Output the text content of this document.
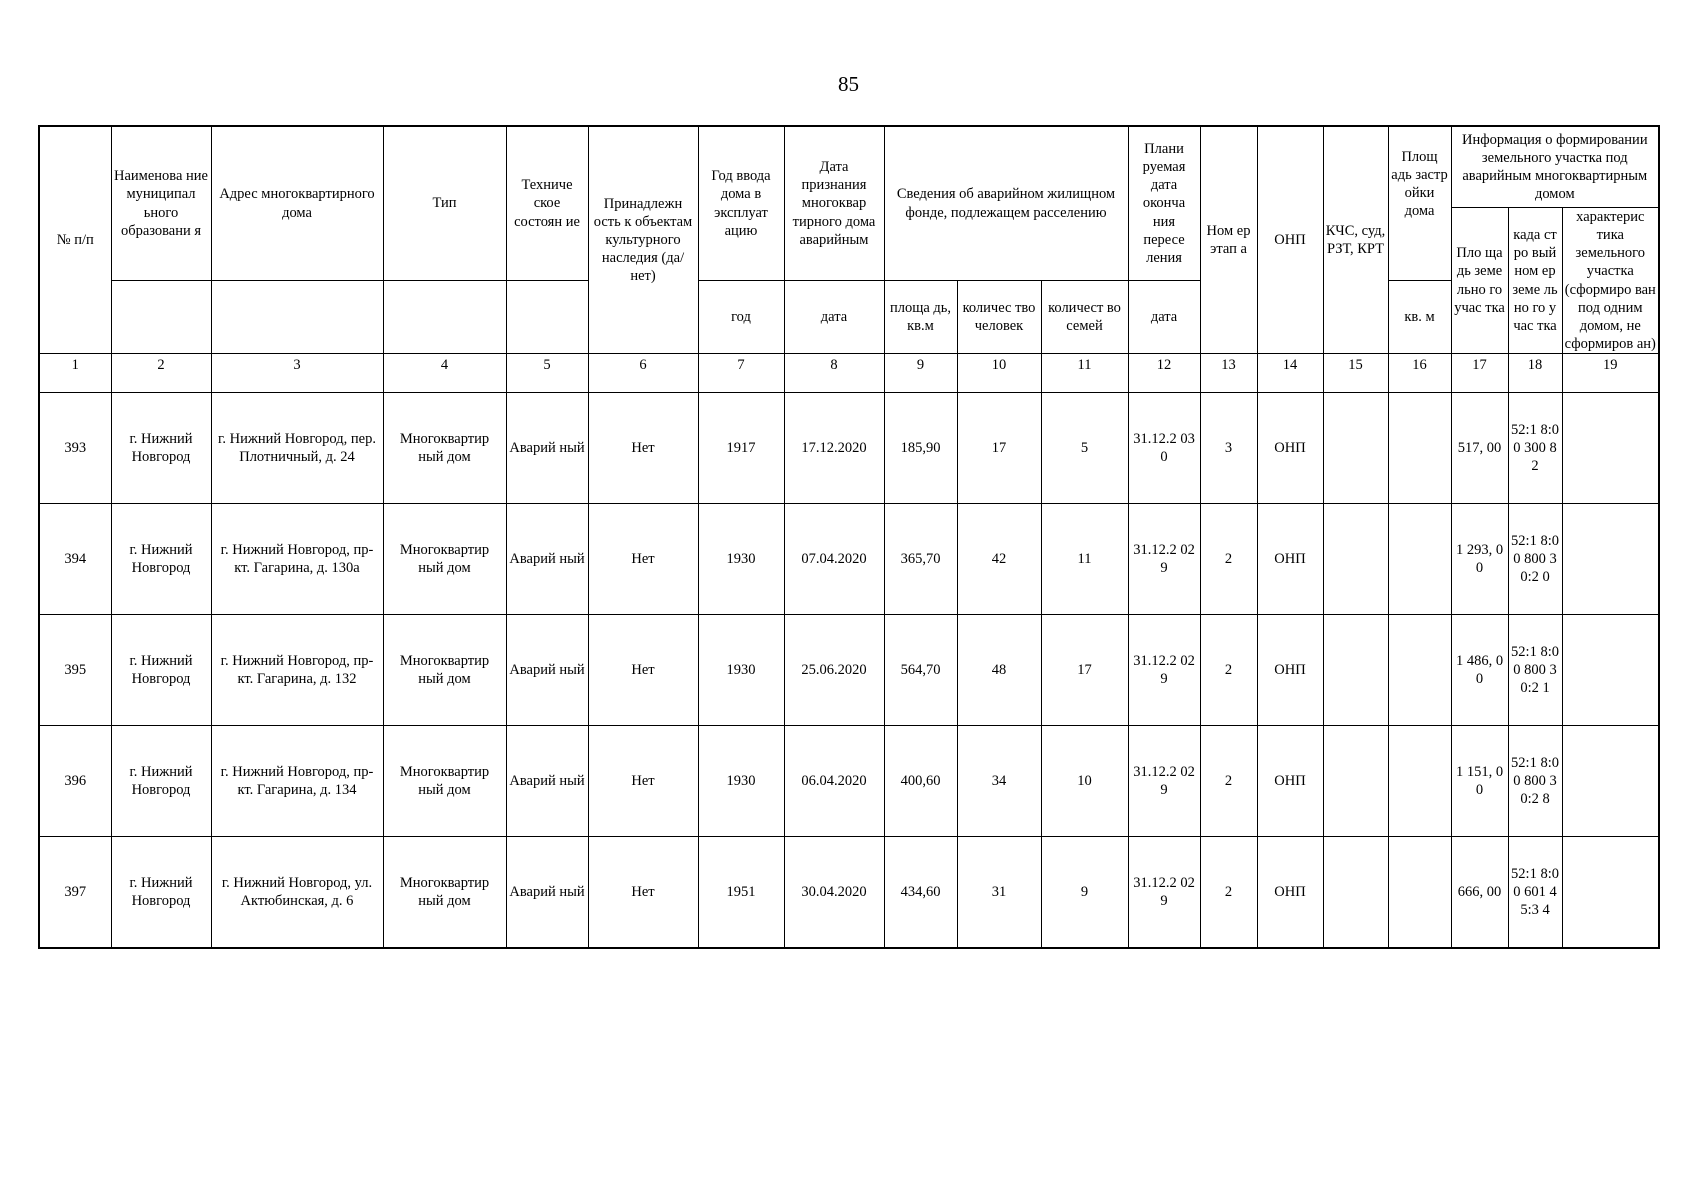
85
№ п/п	Наименова ние муниципал ьного образовани я	Адрес многоквартирного дома	Тип	Техниче ское состоян ие	Принадлежн ость к объектам культурного наследия (да/нет)	Год ввода дома в эксплуат ацию	Дата признания многоквар тирного дома аварийным	Сведения об аварийном жилищном фонде, подлежащем расселению			Плани руемая дата оконча ния пересе ления	Ном ер этап а	ОНП	КЧС, суд, РЗТ, КРТ	Площ адь застр ойки дома	Информация о формировании земельного участка под аварийным многоквартирным домом		
																Пло щадь земе льно го учас тка	када стро вый ном ер земе льно го учас тка	характерис тика земельного участка (сформиро ван под одним домом, не сформиров ан)
						год	дата	площа дь, кв.м	количес тво человек	количест во семей	дата				кв. м			
1	2	3	4	5	6	7	8	9	10	11	12	13	14	15	16	17	18	19
393	г. Нижний Новгород	г. Нижний Новгород, пер. Плотничный, д. 24	Многоквартир ный дом	Аварий ный	Нет	1917	17.12.2020	185,90	17	5	31.12.2 030	3	ОНП			517, 00	52:1 8:00 300 82	
394	г. Нижний Новгород	г. Нижний Новгород, пр-кт. Гагарина, д. 130а	Многоквартир ный дом	Аварий ный	Нет	1930	07.04.2020	365,70	42	11	31.12.2 029	2	ОНП			1 293, 00	52:1 8:00 800 30:2 0	
395	г. Нижний Новгород	г. Нижний Новгород, пр-кт. Гагарина, д. 132	Многоквартир ный дом	Аварий ный	Нет	1930	25.06.2020	564,70	48	17	31.12.2 029	2	ОНП			1 486, 00	52:1 8:00 800 30:2 1	
396	г. Нижний Новгород	г. Нижний Новгород, пр-кт. Гагарина, д. 134	Многоквартир ный дом	Аварий ный	Нет	1930	06.04.2020	400,60	34	10	31.12.2 029	2	ОНП			1 151, 00	52:1 8:00 800 30:2 8	
397	г. Нижний Новгород	г. Нижний Новгород, ул. Актюбинская, д. 6	Многоквартир ный дом	Аварий ный	Нет	1951	30.04.2020	434,60	31	9	31.12.2 029	2	ОНП			666, 00	52:1 8:00 601 45:3 4	
